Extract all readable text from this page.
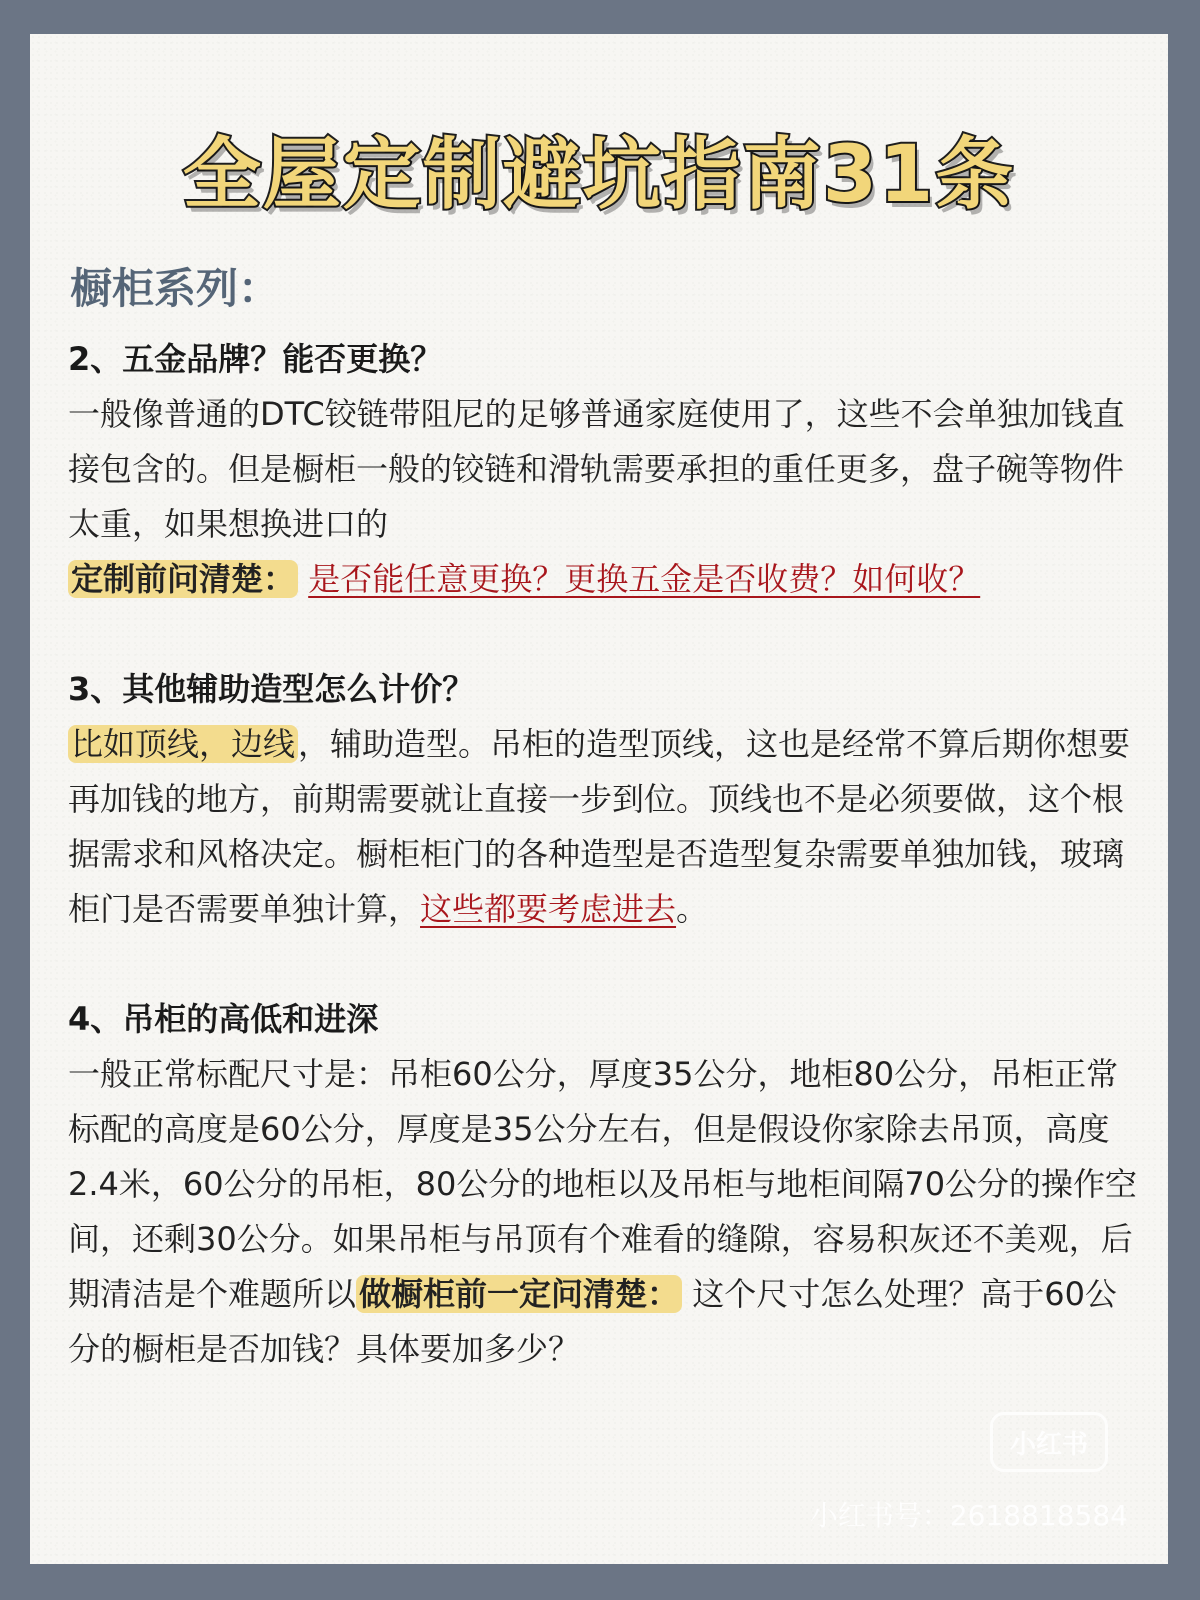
全屋定制避坑指南31条
橱柜系列：

2、五金品牌？能否更换？

一般像普通的DTC铰链带阻尼的足够普通家庭使用了，这些不会单独加钱直接包含的。但是橱柜一般的铰链和滑轨需要承担的重任更多，盘子碗等物件太重，如果想换进口的

定制前问清楚： 是否能任意更换？更换五金是否收费？如何收？

3、其他辅助造型怎么计价？

比如顶线，边线，辅助造型。吊柜的造型顶线，这也是经常不算后期你想要再加钱的地方，前期需要就让直接一步到位。顶线也不是必须要做，这个根据需求和风格决定。橱柜柜门的各种造型是否造型复杂需要单独加钱，玻璃柜门是否需要单独计算，这些都要考虑进去。

4、吊柜的高低和进深

一般正常标配尺寸是：吊柜60公分，厚度35公分，地柜80公分，吊柜正常标配的高度是60公分，厚度是35公分左右，但是假设你家除去吊顶，高度2.4米，60公分的吊柜，80公分的地柜以及吊柜与地柜间隔70公分的操作空间，还剩30公分。如果吊柜与吊顶有个难看的缝隙，容易积灰还不美观，后期清洁是个难题所以做橱柜前一定问清楚： 这个尺寸怎么处理？高于60公分的橱柜是否加钱？具体要加多少？

小红书
小红书号：2618818584
